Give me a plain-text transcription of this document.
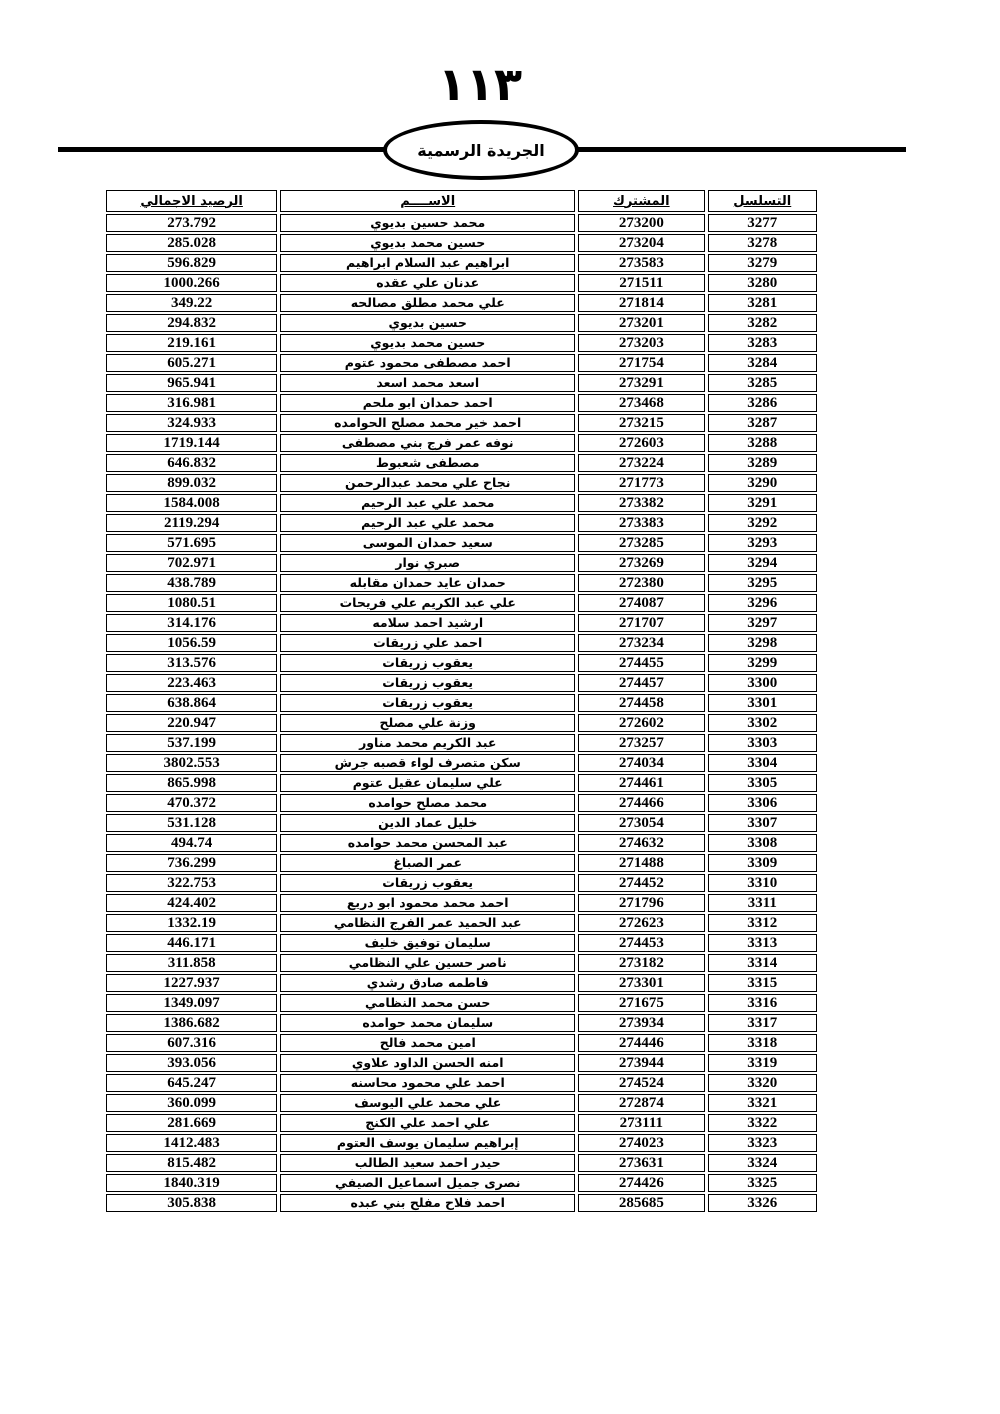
١١٣
الجريدة الرسمية
التسلسل	المشترك	الاســــم	الرصيد الاجمالي
3277	273200	محمد حسين بديوي	273.792
3278	273204	حسين محمد بديوي	285.028
3279	273583	ابراهيم عبد السلام ابراهيم	596.829
3280	271511	عدنان علي عقده	1000.266
3281	271814	علي محمد مطلق مصالحه	349.22
3282	273201	حسين بديوي	294.832
3283	273203	حسين محمد بديوي	219.161
3284	271754	احمد مصطفى محمود عتوم	605.271
3285	273291	اسعد محمد اسعد	965.941
3286	273468	احمد حمدان ابو ملحم	316.981
3287	273215	احمد خير محمد مصلح الحوامده	324.933
3288	272603	نوفه عمر فرج بني مصطفى	1719.144
3289	273224	مصطفى شعبوط	646.832
3290	271773	نجاح علي محمد عبدالرحمن	899.032
3291	273382	محمد علي عبد الرحيم	1584.008
3292	273383	محمد علي عبد الرحيم	2119.294
3293	273285	سعيد حمدان الموسى	571.695
3294	273269	صبري نوار	702.971
3295	272380	حمدان عايد حمدان مقابله	438.789
3296	274087	علي عبد الكريم علي فريحات	1080.51
3297	271707	ارشيد احمد سلامه	314.176
3298	273234	احمد علي زريقات	1056.59
3299	274455	يعقوب زريقات	313.576
3300	274457	يعقوب زريقات	223.463
3301	274458	يعقوب زريقات	638.864
3302	272602	وزنة علي مصلح	220.947
3303	273257	عبد الكريم محمد مناور	537.199
3304	274034	سكن متصرف لواء قصبه جرش	3802.553
3305	274461	علي سليمان عقيل عتوم	865.998
3306	274466	محمد مصلح حوامده	470.372
3307	273054	خليل عماد الدين	531.128
3308	274632	عبد المحسن محمد حوامده	494.74
3309	271488	عمر الصباغ	736.299
3310	274452	يعقوب زريقات	322.753
3311	271796	احمد محمد محمود ابو دريع	424.402
3312	272623	عبد الحميد عمر الفرج النظامي	1332.19
3313	274453	سليمان توفيق خليف	446.171
3314	273182	ناصر حسين علي النظامي	311.858
3315	273301	فاطمه صادق رشدي	1227.937
3316	271675	حسن محمد النظامي	1349.097
3317	273934	سليمان محمد حوامده	1386.682
3318	274446	امين محمد فالح	607.316
3319	273944	امنه الحسن الداود علاوي	393.056
3320	274524	احمد علي محمود محاسنه	645.247
3321	272874	علي محمد علي اليوسف	360.099
3322	273111	علي احمد علي الكنج	281.669
3323	274023	إبراهيم سليمان يوسف العتوم	1412.483
3324	273631	حيدر احمد سعيد الطالب	815.482
3325	274426	نصرى جميل اسماعيل الصيفي	1840.319
3326	285685	احمد فلاح مفلح بني عبده	305.838
